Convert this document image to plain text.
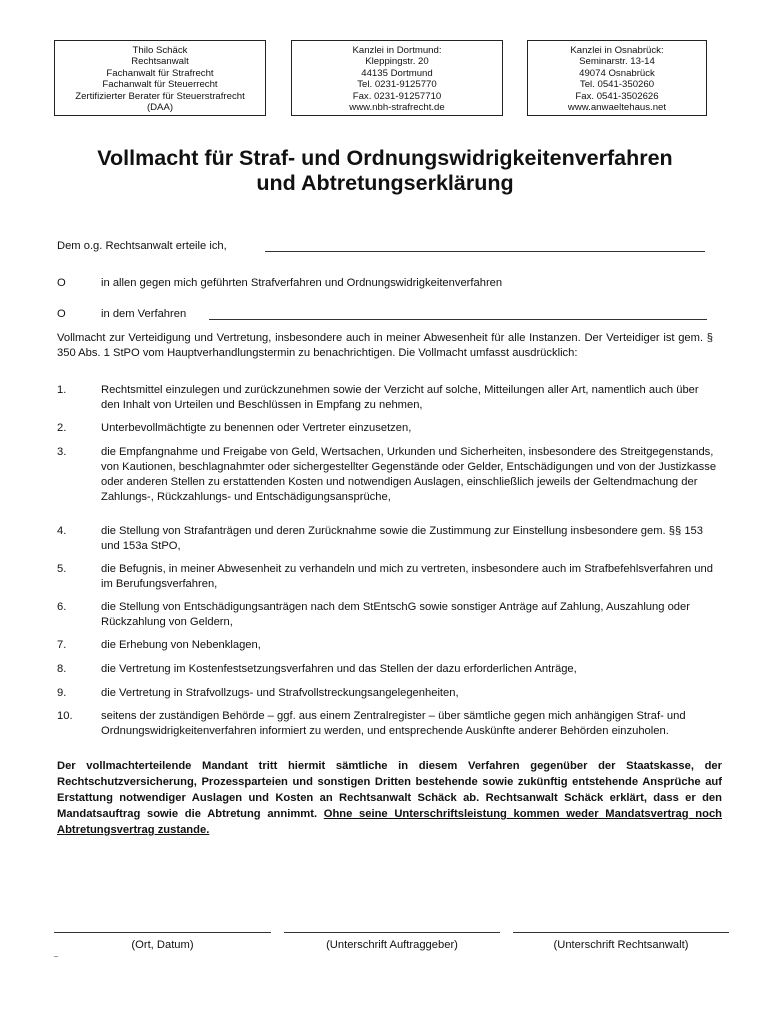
Thilo Schäck
Rechtsanwalt
Fachanwalt für Strafrecht
Fachanwalt für Steuerrecht
Zertifizierter Berater für Steuerstrafrecht
(DAA)
Kanzlei in Dortmund:
Kleppingstr. 20
44135 Dortmund
Tel. 0231-9125770
Fax. 0231-91257710
www.nbh-strafrecht.de
Kanzlei in Osnabrück:
Seminarstr. 13-14
49074 Osnabrück
Tel. 0541-350260
Fax. 0541-3502626
www.anwaeltehaus.net
Vollmacht für Straf- und Ordnungswidrigkeitenverfahren
und Abtretungserklärung
Dem o.g. Rechtsanwalt erteile ich,
O	in allen gegen mich geführten Strafverfahren und Ordnungswidrigkeitenverfahren
O	in dem Verfahren
Vollmacht zur Verteidigung und Vertretung, insbesondere auch in meiner Abwesenheit für alle Instanzen. Der Verteidiger ist gem. § 350 Abs. 1 StPO vom Hauptverhandlungstermin zu benachrichtigen. Die Vollmacht umfasst ausdrücklich:
1.	Rechtsmittel einzulegen und zurückzunehmen sowie der Verzicht auf solche, Mitteilungen aller Art, namentlich auch über den Inhalt von Urteilen und Beschlüssen in Empfang zu nehmen,
2.	Unterbevollmächtigte zu benennen oder Vertreter einzusetzen,
3.	die Empfangnahme und Freigabe von Geld, Wertsachen, Urkunden und Sicherheiten, insbesondere des Streitgegenstands, von Kautionen, beschlagnahmter oder sichergestellter Gegenstände oder Gelder, Entschädigungen und von der Justizkasse oder anderen Stellen zu erstattenden Kosten und notwendigen Auslagen, einschließlich jeweils der Geltendmachung der Zahlungs-, Rückzahlungs- und Entschädigungsansprüche,
4.	die Stellung von Strafanträgen und deren Zurücknahme sowie die Zustimmung zur Einstellung insbesondere gem. §§ 153 und 153a StPO,
5.	die Befugnis, in meiner Abwesenheit zu verhandeln und mich zu vertreten, insbesondere auch im Strafbefehlsverfahren und im Berufungsverfahren,
6.	die Stellung von Entschädigungsanträgen nach dem StEntschG sowie sonstiger Anträge auf Zahlung, Auszahlung oder Rückzahlung von Geldern,
7.	die Erhebung von Nebenklagen,
8.	die Vertretung im Kostenfestsetzungsverfahren und das Stellen der dazu erforderlichen Anträge,
9.	die Vertretung in Strafvollzugs- und Strafvollstreckungsangelegenheiten,
10.	seitens der zuständigen Behörde – ggf. aus einem Zentralregister – über sämtliche gegen mich anhängigen Straf- und Ordnungswidrigkeitenverfahren informiert zu werden, und entsprechende Auskünfte anderer Behörden einzuholen.
Der vollmachterteilende Mandant tritt hiermit sämtliche in diesem Verfahren gegenüber der Staatskasse, der Rechtschutzversicherung, Prozessparteien und sonstigen Dritten bestehende sowie zukünftig entstehende Ansprüche auf Erstattung notwendiger Auslagen und Kosten an Rechtsanwalt Schäck ab. Rechtsanwalt Schäck erklärt, dass er den Mandatsauftrag sowie die Abtretung annimmt. Ohne seine Unterschriftsleistung kommen weder Mandatsvertrag noch Abtretungsvertrag zustande.
(Ort, Datum)	(Unterschrift Auftraggeber)	(Unterschrift Rechtsanwalt)
